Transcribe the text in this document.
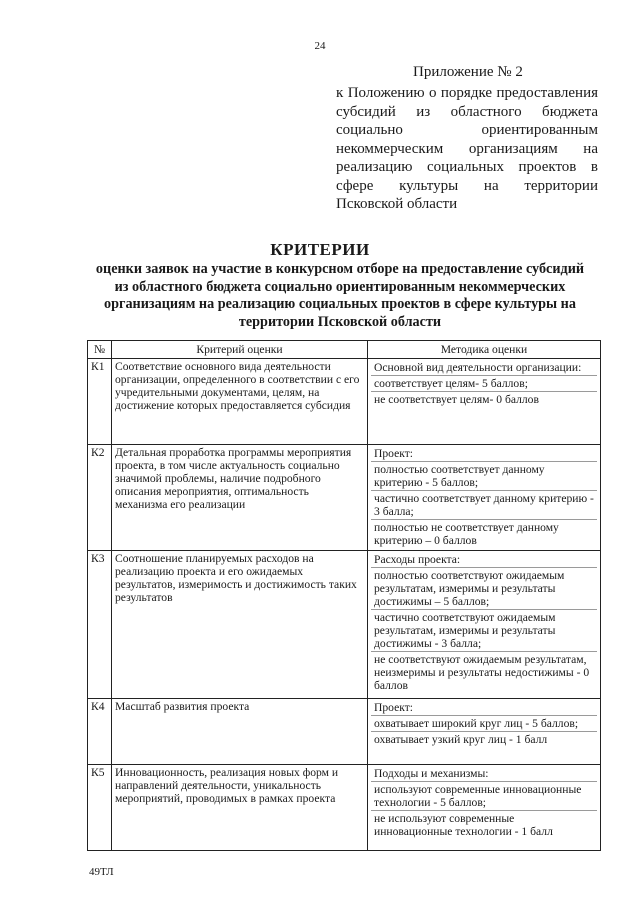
24
Приложение № 2
к Положению о порядке предоставления субсидий из областного бюджета социально ориентированным некоммерческим организациям на реализацию социальных проектов в сфере культуры на территории Псковской области
КРИТЕРИИ
оценки заявок на участие в конкурсном отборе на предоставление субсидий из областного бюджета социально ориентированным некоммерческих организациям на реализацию социальных проектов в сфере культуры на территории Псковской области
№	Критерий оценки	Методика оценки
К1	Соответствие основного вида деятельности организации, определенного в соответствии с его учредительными документами, целям, на достижение которых предоставляется субсидия	Основной вид деятельности организации:
соответствует целям- 5 баллов;
не соответствует целям- 0 баллов

К2	Детальная проработка программы мероприятия проекта, в том числе актуальность социально значимой проблемы, наличие подробного описания мероприятия, оптимальность механизма его реализации	Проект:
полностью соответствует данному критерию - 5 баллов;
частично соответствует данному критерию - 3 балла;
полностью не соответствует данному критерию – 0 баллов

К3	Соотношение планируемых расходов на реализацию проекта и его ожидаемых результатов, измеримость и достижимость таких результатов	Расходы проекта:
полностью соответствуют ожидаемым результатам, измеримы и результаты достижимы – 5 баллов;
частично соответствуют ожидаемым результатам, измеримы и результаты достижимы - 3 балла;
не соответствуют ожидаемым результатам, неизмеримы и результаты недостижимы - 0 баллов

К4	Масштаб развития проекта	Проект:
охватывает широкий круг лиц - 5 баллов;
охватывает узкий круг лиц - 1 балл

К5	Инновационность, реализация новых форм и направлений деятельности, уникальность мероприятий, проводимых в рамках проекта	Подходы и механизмы:
используют современные инновационные технологии - 5 баллов;
не используют современные инновационные технологии - 1 балл
49ТЛ
